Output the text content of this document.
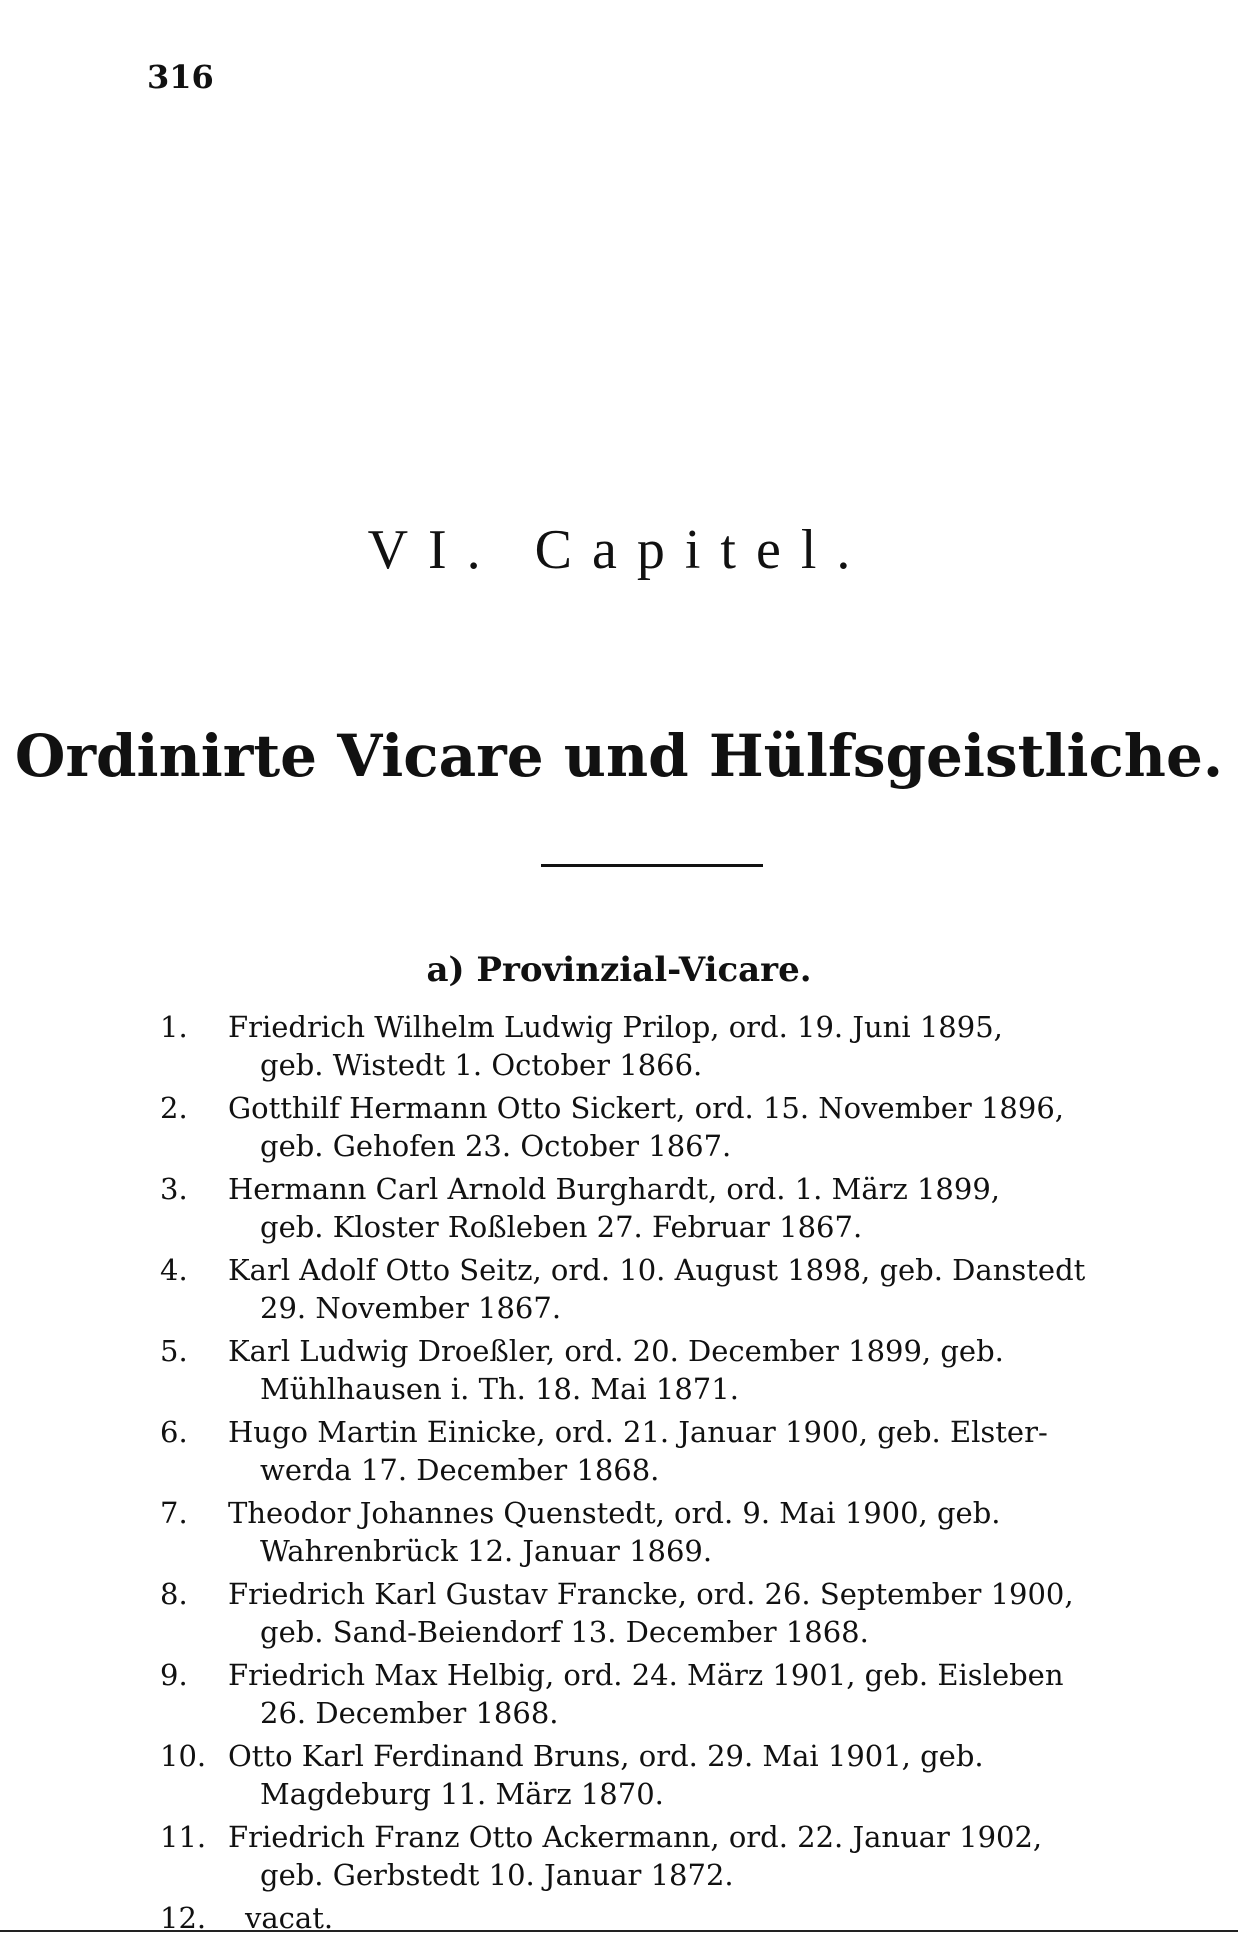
316
VI. Capitel.
Ordinirte Vicare und Hülfsgeistliche.
a) Provinzial-Vicare.
1.	Friedrich Wilhelm Ludwig Prilop, ord. 19. Juni 1895,
geb. Wistedt 1. October 1866.
2.	Gotthilf Hermann Otto Sickert, ord. 15. November 1896,
geb. Gehofen 23. October 1867.
3.	Hermann Carl Arnold Burghardt, ord. 1. März 1899,
geb. Kloster Roßleben 27. Februar 1867.
4.	Karl Adolf Otto Seitz, ord. 10. August 1898, geb. Danstedt
29. November 1867.
5.	Karl Ludwig Droeßler, ord. 20. December 1899, geb.
Mühlhausen i. Th. 18. Mai 1871.
6.	Hugo Martin Einicke, ord. 21. Januar 1900, geb. Elster-
werda 17. December 1868.
7.	Theodor Johannes Quenstedt, ord. 9. Mai 1900, geb.
Wahrenbrück 12. Januar 1869.
8.	Friedrich Karl Gustav Francke, ord. 26. September 1900,
geb. Sand-Beiendorf 13. December 1868.
9.	Friedrich Max Helbig, ord. 24. März 1901, geb. Eisleben
26. December 1868.
10. Otto Karl Ferdinand Bruns, ord. 29. Mai 1901, geb.
Magdeburg 11. März 1870.
11. Friedrich Franz Otto Ackermann, ord. 22. Januar 1902,
geb. Gerbstedt 10. Januar 1872.
12.	vacat.
